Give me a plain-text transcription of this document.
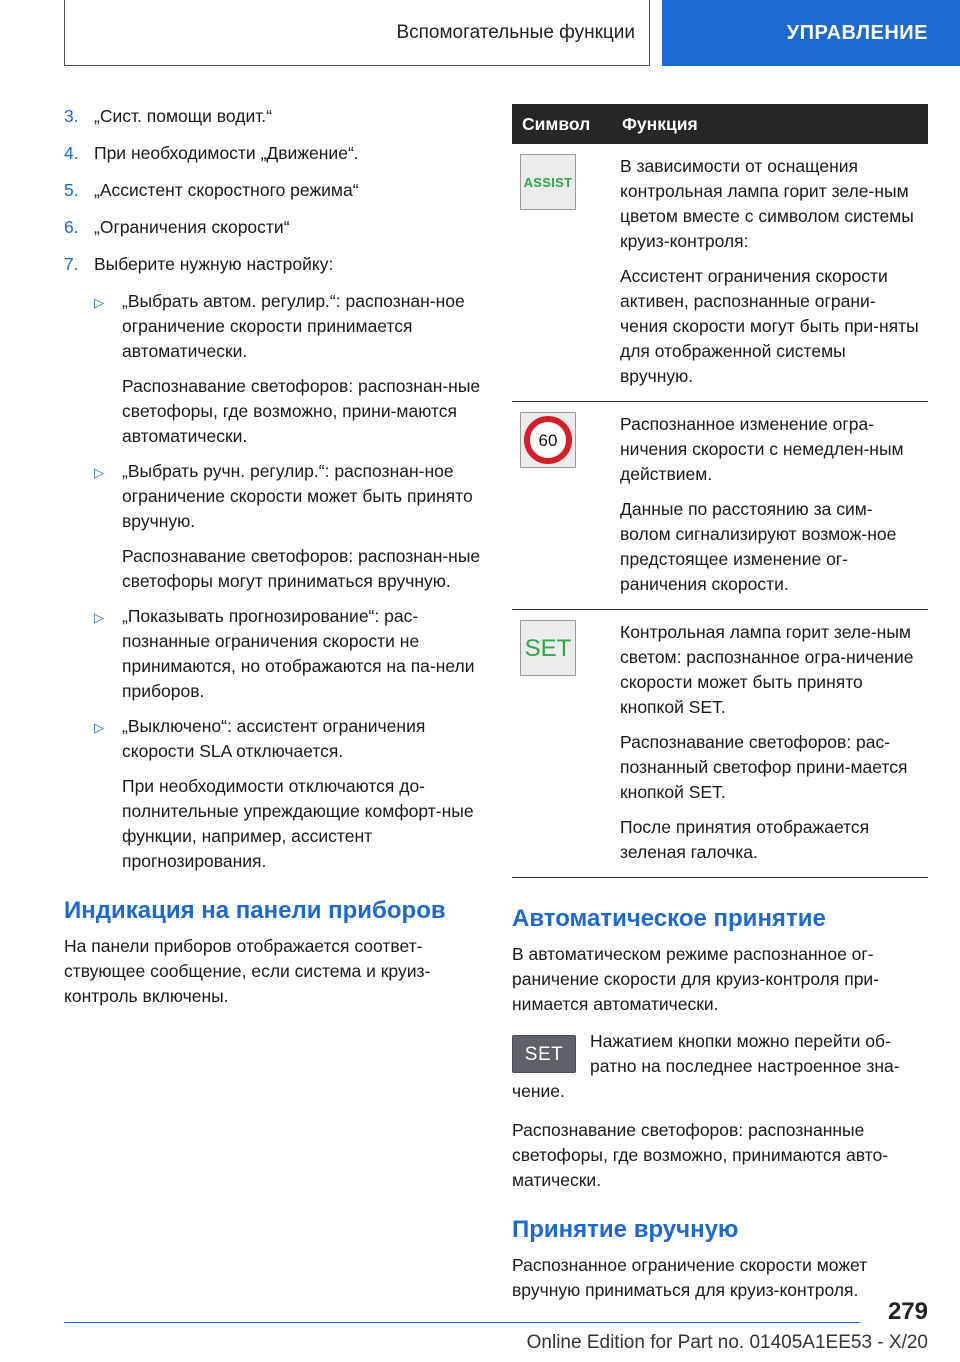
Вспомогательные функции	УПРАВЛЕНИЕ
3. „Сист. помощи водит.“
4. При необходимости „Движение“.
5. „Ассистент скоростного режима“
6. „Ограничения скорости“
7. Выберите нужную настройку:
▷	„Выбрать автом. регулир.“: распознан-ное ограничение скорости принимается автоматически.

Распознавание светофоров: распознан-ные светофоры, где возможно, прини-маются автоматически.

▷	„Выбрать ручн. регулир.“: распознан-ное ограничение скорости может быть принято вручную.

Распознавание светофоров: распознан-ные светофоры могут приниматься вручную.

▷	„Показывать прогнозирование“: рас-познанные ограничения скорости не принимаются, но отображаются на па-нели приборов.

▷	„Выключено“: ассистент ограничения скорости SLA отключается.

При необходимости отключаются до-полнительные упреждающие комфорт-ные функции, например, ассистент прогнозирования.

Индикация на панели приборов

На панели приборов отображается соответ-ствующее сообщение, если система и круиз-контроль включены.

Символ	Функция

ASSIST	В зависимости от оснащения контрольная лампа горит зеле-ным цветом вместе с символом системы круиз-контроля:

Ассистент ограничения скорости активен, распознанные ограни-чения скорости могут быть при-няты для отображенной системы вручную.

60	Распознанное изменение огра-ничения скорости с немедлен-ным действием.

Данные по расстоянию за сим-волом сигнализируют возмож-ное предстоящее изменение ог-раничения скорости.

SET	Контрольная лампа горит зеле-ным светом: распознанное огра-ничение скорости может быть принято кнопкой SET.

Распознавание светофоров: рас-познанный светофор прини-мается кнопкой SET.

После принятия отображается зеленая галочка.

Автоматическое принятие

В автоматическом режиме распознанное ог-раничение скорости для круиз-контроля при-нимается автоматически.

SET
Нажатием кнопки можно перейти об-ратно на последнее настроенное зна-чение.

Распознавание светофоров: распознанные светофоры, где возможно, принимаются авто-матически.

Принятие вручную

Распознанное ограничение скорости может вручную приниматься для круиз-контроля.

279
Online Edition for Part no. 01405A1EE53 - X/20
